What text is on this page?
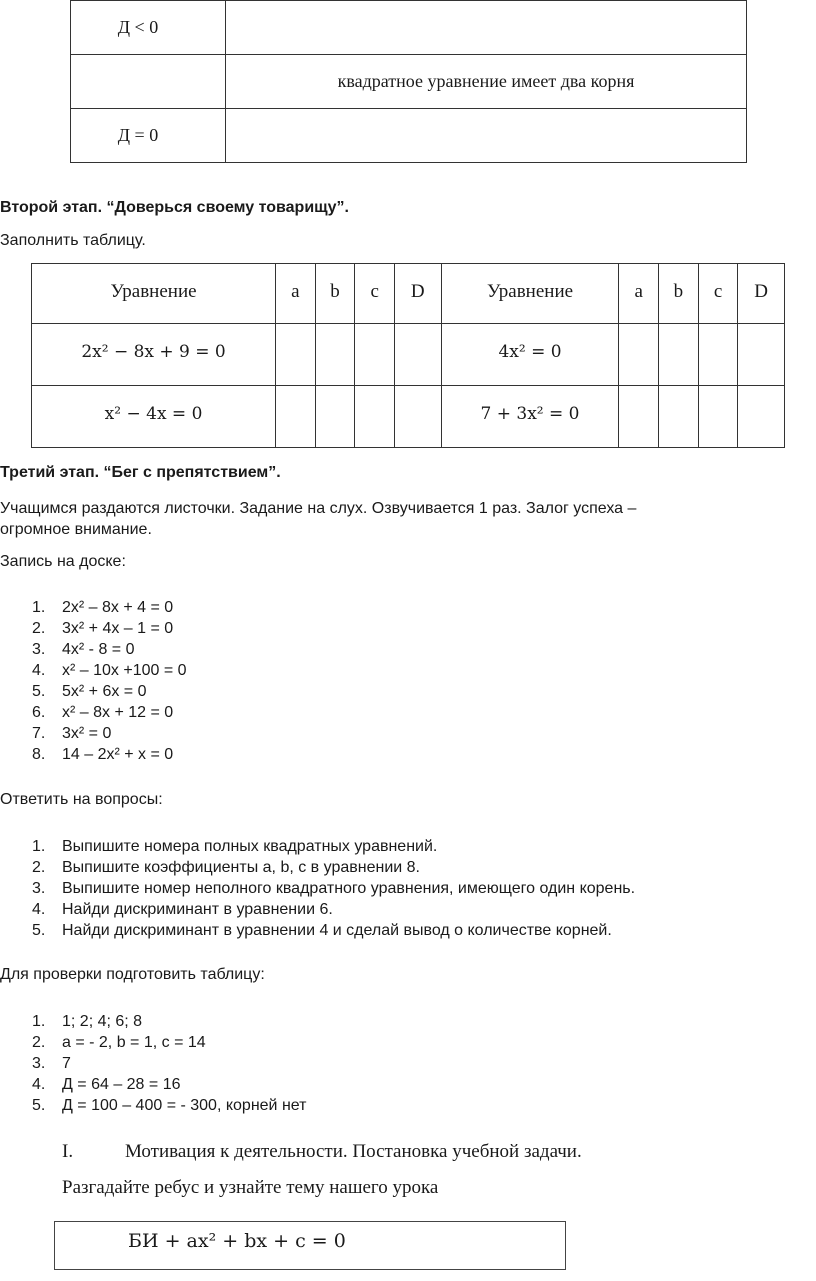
Д < 0	
	квадратное уравнение имеет два корня
Д = 0	
Второй этап. “Доверься своему товарищу”.
Заполнить таблицу.
Уравнение	a	b	c	D	Уравнение	a	b	c	D
2x² − 8x + 9 = 0					4x² = 0				
x² − 4x = 0					7 + 3x² = 0				
Третий этап. “Бег с препятствием”.
Учащимся раздаются листочки. Задание на слух. Озвучивается 1 раз. Залог успеха –
огромное внимание.
Запись на доске:
1. 2x² – 8x + 4 = 0
2. 3x² + 4x – 1 = 0
3. 4x² - 8 = 0
4. x² – 10x +100 = 0
5. 5x² + 6x = 0
6. x² – 8x + 12 = 0
7. 3x² = 0
8. 14 – 2x² + x = 0
Ответить на вопросы:
1. Выпишите номера полных квадратных уравнений.
2. Выпишите коэффициенты a, b, c в уравнении 8.
3. Выпишите номер неполного квадратного уравнения, имеющего один корень.
4. Найди дискриминант в уравнении 6.
5. Найди дискриминант в уравнении 4 и сделай вывод о количестве корней.
Для проверки подготовить таблицу:
1. 1; 2; 4; 6; 8
2. a = - 2, b = 1, c = 14
3. 7
4. Д = 64 – 28 = 16
5. Д = 100 – 400 = - 300, корней нет
I.	Мотивация к деятельности. Постановка учебной задачи.
Разгадайте ребус и узнайте тему нашего урока
БИ + ax² + bx + c = 0
